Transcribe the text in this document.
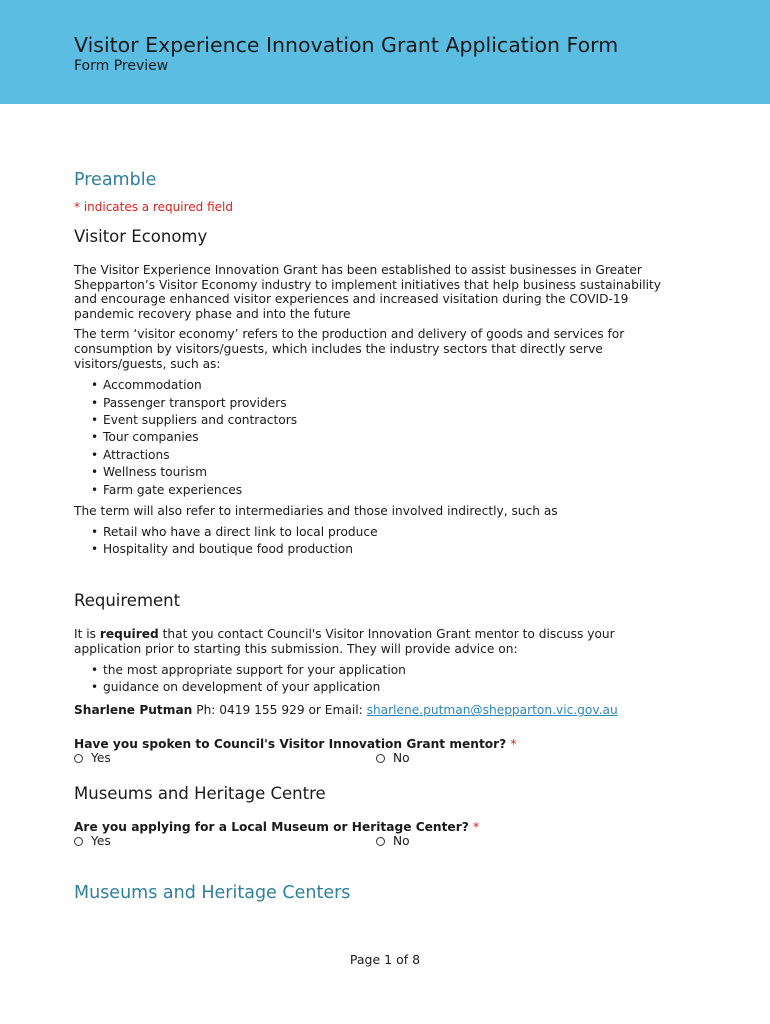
Visitor Experience Innovation Grant Application Form
Form Preview
Preamble
* indicates a required field
Visitor Economy

The Visitor Experience Innovation Grant has been established to assist businesses in Greater Shepparton’s Visitor Economy industry to implement initiatives that help business sustainability and encourage enhanced visitor experiences and increased visitation during the COVID-19 pandemic recovery phase and into the future

The term ‘visitor economy’ refers to the production and delivery of goods and services for consumption by visitors/guests, which includes the industry sectors that directly serve visitors/guests, such as:

• Accommodation
• Passenger transport providers
• Event suppliers and contractors
• Tour companies
• Attractions
• Wellness tourism
• Farm gate experiences

The term will also refer to intermediaries and those involved indirectly, such as

• Retail who have a direct link to local produce
• Hospitality and boutique food production
Requirement

It is required that you contact Council's Visitor Innovation Grant mentor to discuss your application prior to starting this submission. They will provide advice on:

• the most appropriate support for your application
• guidance on development of your application

Sharlene Putman Ph: 0419 155 929 or Email: sharlene.putman@shepparton.vic.gov.au

Have you spoken to Council's Visitor Innovation Grant mentor? *
Yes	No
Museums and Heritage Centre
Are you applying for a Local Museum or Heritage Center? *
Yes	No
Museums and Heritage Centers
Page 1 of 8
